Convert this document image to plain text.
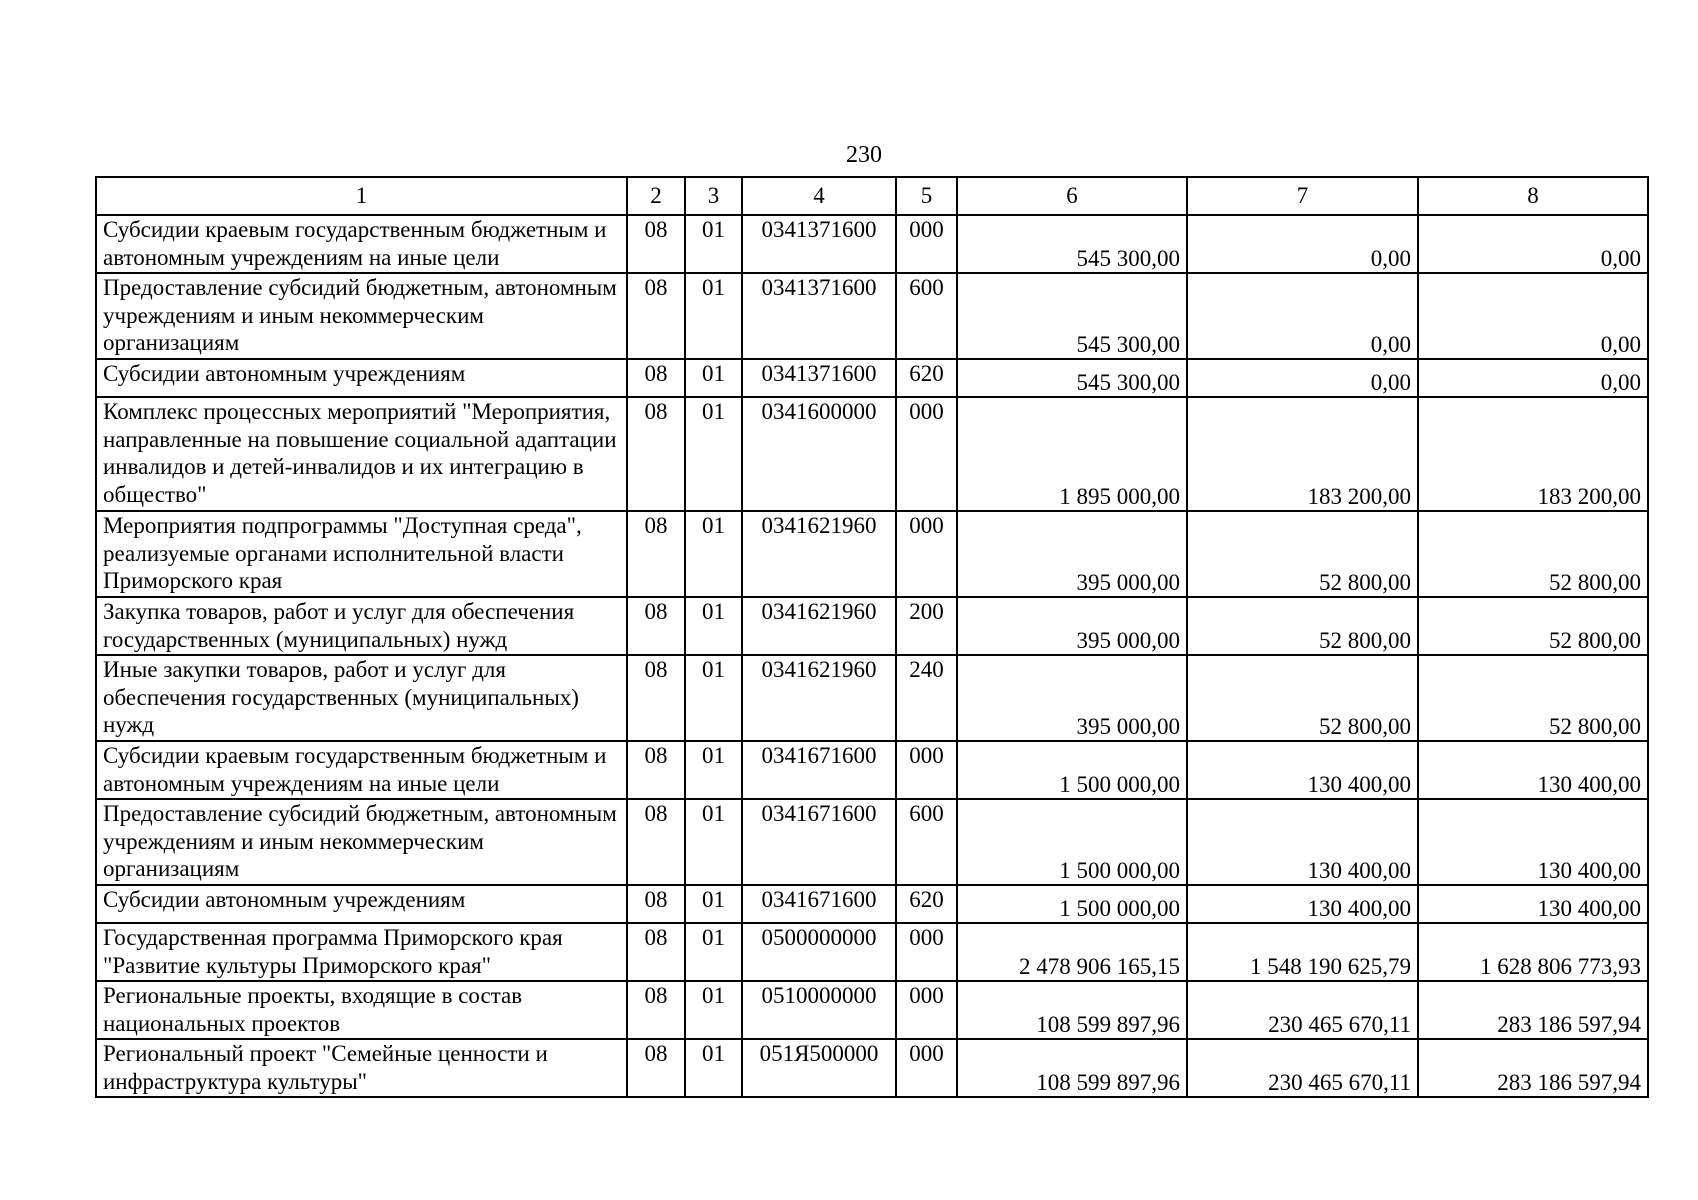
230
1	2	3	4	5	6	7	8
Субсидии краевым государственным бюджетным и автономным учреждениям на иные цели	08	01	0341371600	000	545 300,00	0,00	0,00
Предоставление субсидий бюджетным, автономным учреждениям и иным некоммерческим организациям	08	01	0341371600	600	545 300,00	0,00	0,00
Субсидии автономным учреждениям	08	01	0341371600	620	545 300,00	0,00	0,00
Комплекс процессных мероприятий "Мероприятия, направленные на повышение социальной адаптации инвалидов и детей-инвалидов и их интеграцию в общество"	08	01	0341600000	000	1 895 000,00	183 200,00	183 200,00
Мероприятия подпрограммы "Доступная среда", реализуемые органами исполнительной власти Приморского края	08	01	0341621960	000	395 000,00	52 800,00	52 800,00
Закупка товаров, работ и услуг для обеспечения государственных (муниципальных) нужд	08	01	0341621960	200	395 000,00	52 800,00	52 800,00
Иные закупки товаров, работ и услуг для обеспечения государственных (муниципальных) нужд	08	01	0341621960	240	395 000,00	52 800,00	52 800,00
Субсидии краевым государственным бюджетным и автономным учреждениям на иные цели	08	01	0341671600	000	1 500 000,00	130 400,00	130 400,00
Предоставление субсидий бюджетным, автономным учреждениям и иным некоммерческим организациям	08	01	0341671600	600	1 500 000,00	130 400,00	130 400,00
Субсидии автономным учреждениям	08	01	0341671600	620	1 500 000,00	130 400,00	130 400,00
Государственная программа Приморского края "Развитие культуры Приморского края"	08	01	0500000000	000	2 478 906 165,15	1 548 190 625,79	1 628 806 773,93
Региональные проекты, входящие в состав национальных проектов	08	01	0510000000	000	108 599 897,96	230 465 670,11	283 186 597,94
Региональный проект "Семейные ценности и инфраструктура культуры"	08	01	051Я500000	000	108 599 897,96	230 465 670,11	283 186 597,94
